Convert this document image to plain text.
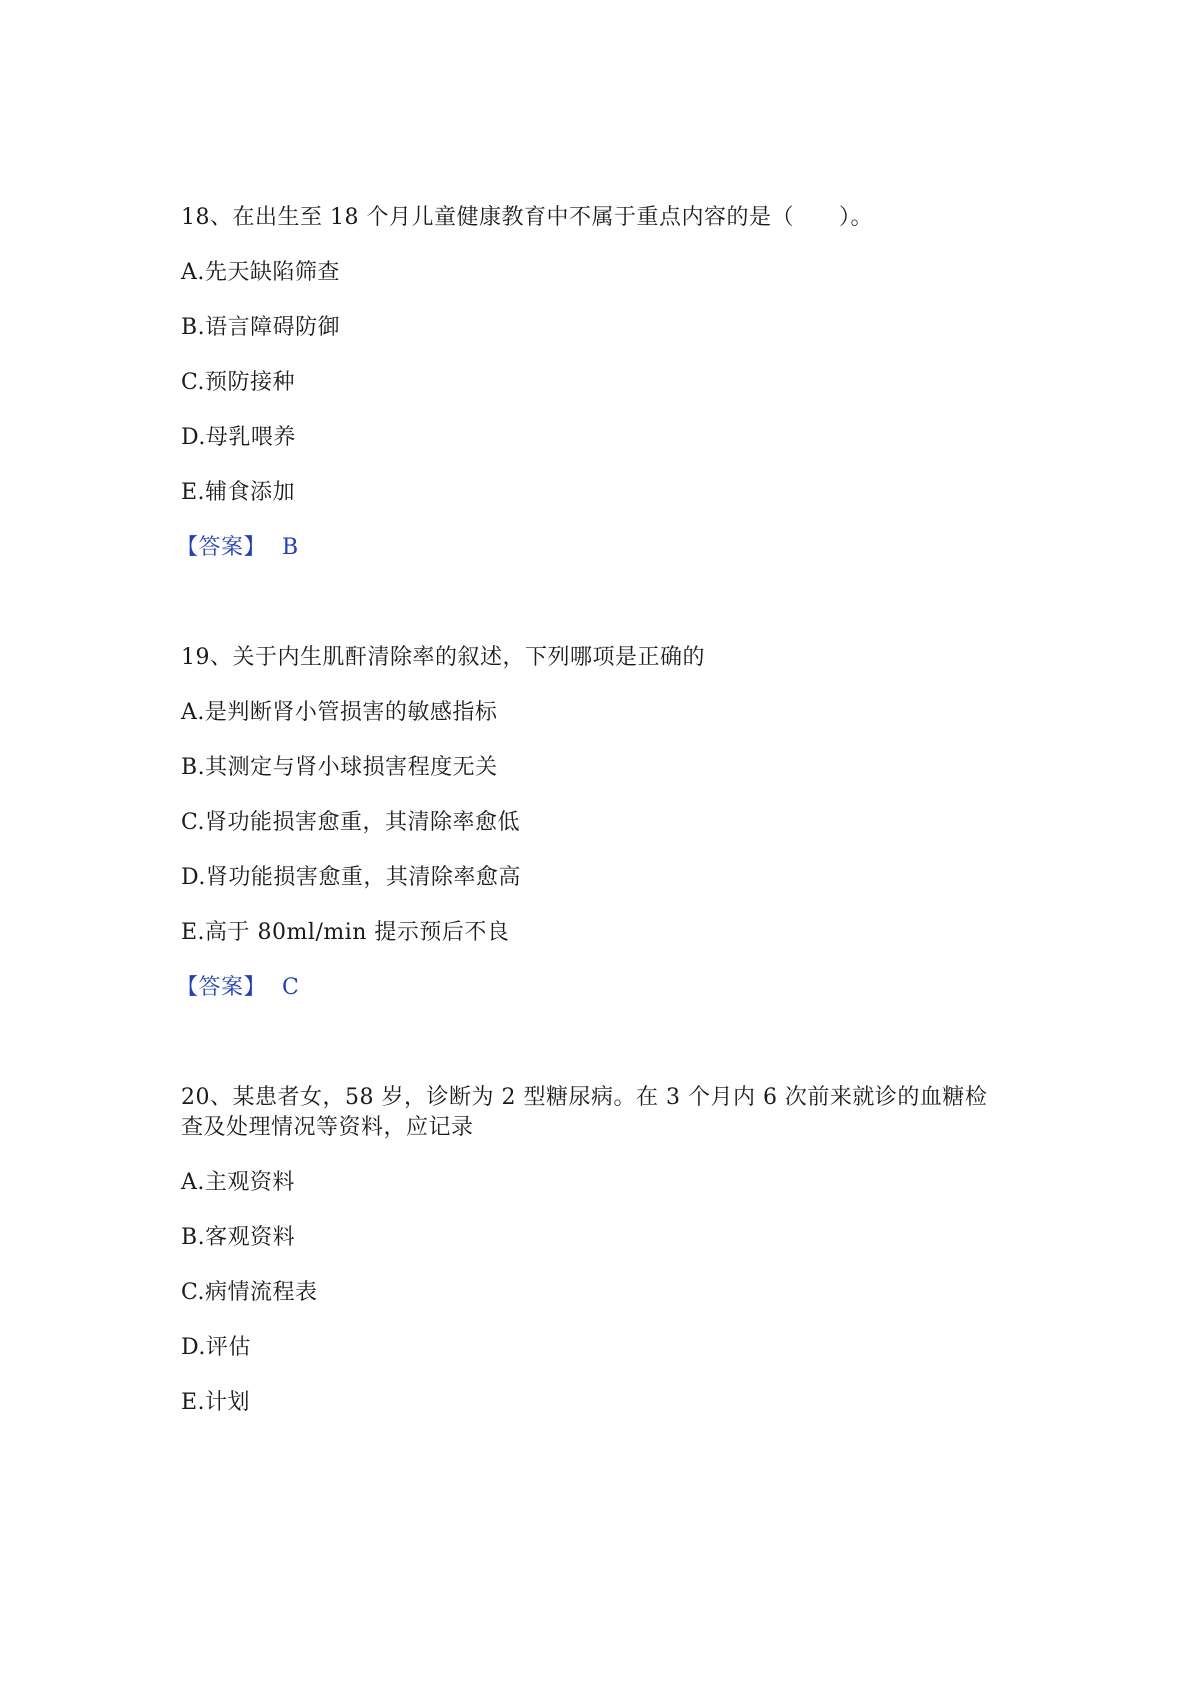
18、在出生至 18 个月儿童健康教育中不属于重点内容的是（　　）。
A.先天缺陷筛查
B.语言障碍防御
C.预防接种
D.母乳喂养
E.辅食添加
【答案】 B
19、关于内生肌酐清除率的叙述，下列哪项是正确的
A.是判断肾小管损害的敏感指标
B.其测定与肾小球损害程度无关
C.肾功能损害愈重，其清除率愈低
D.肾功能损害愈重，其清除率愈高
E.高于 80ml/min 提示预后不良
【答案】 C
20、某患者女，58 岁，诊断为 2 型糖尿病。在 3 个月内 6 次前来就诊的血糖检
查及处理情况等资料，应记录
A.主观资料
B.客观资料
C.病情流程表
D.评估
E.计划
